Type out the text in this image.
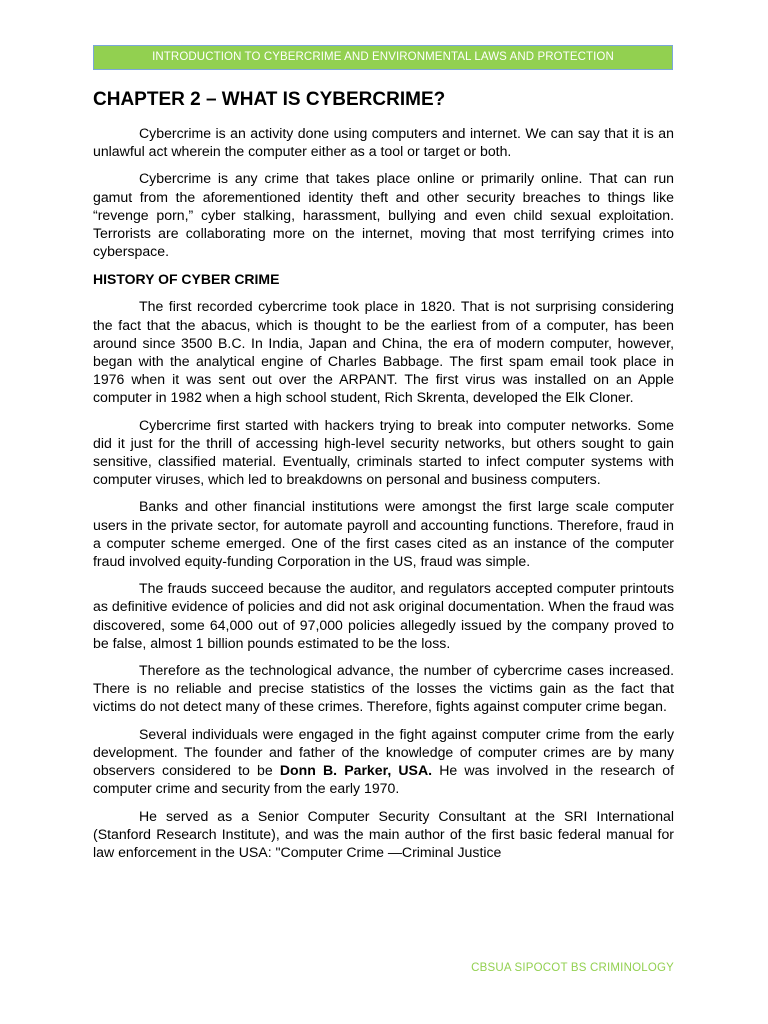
INTRODUCTION TO CYBERCRIME AND ENVIRONMENTAL LAWS AND PROTECTION
CHAPTER 2 – WHAT IS CYBERCRIME?

Cybercrime is an activity done using computers and internet. We can say that it is an unlawful act wherein the computer either as a tool or target or both.

Cybercrime is any crime that takes place online or primarily online. That can run gamut from the aforementioned identity theft and other security breaches to things like “revenge porn,” cyber stalking, harassment, bullying and even child sexual exploitation. Terrorists are collaborating more on the internet, moving that most terrifying crimes into cyberspace.

HISTORY OF CYBER CRIME

The first recorded cybercrime took place in 1820. That is not surprising considering the fact that the abacus, which is thought to be the earliest from of a computer, has been around since 3500 B.C. In India, Japan and China, the era of modern computer, however, began with the analytical engine of Charles Babbage. The first spam email took place in 1976 when it was sent out over the ARPANT. The first virus was installed on an Apple computer in 1982 when a high school student, Rich Skrenta, developed the Elk Cloner.

Cybercrime first started with hackers trying to break into computer networks. Some did it just for the thrill of accessing high-level security networks, but others sought to gain sensitive, classified material. Eventually, criminals started to infect computer systems with computer viruses, which led to breakdowns on personal and business computers.

Banks and other financial institutions were amongst the first large scale computer users in the private sector, for automate payroll and accounting functions. Therefore, fraud in a computer scheme emerged. One of the first cases cited as an instance of the computer fraud involved equity-funding Corporation in the US, fraud was simple.

The frauds succeed because the auditor, and regulators accepted computer printouts as definitive evidence of policies and did not ask original documentation. When the fraud was discovered, some 64,000 out of 97,000 policies allegedly issued by the company proved to be false, almost 1 billion pounds estimated to be the loss.

Therefore as the technological advance, the number of cybercrime cases increased. There is no reliable and precise statistics of the losses the victims gain as the fact that victims do not detect many of these crimes. Therefore, fights against computer crime began.

Several individuals were engaged in the fight against computer crime from the early development. The founder and father of the knowledge of computer crimes are by many observers considered to be Donn B. Parker, USA. He was involved in the research of computer crime and security from the early 1970.

He served as a Senior Computer Security Consultant at the SRI International (Stanford Research Institute), and was the main author of the first basic federal manual for law enforcement in the USA: "Computer Crime —Criminal Justice

CBSUA SIPOCOT BS CRIMINOLOGY
